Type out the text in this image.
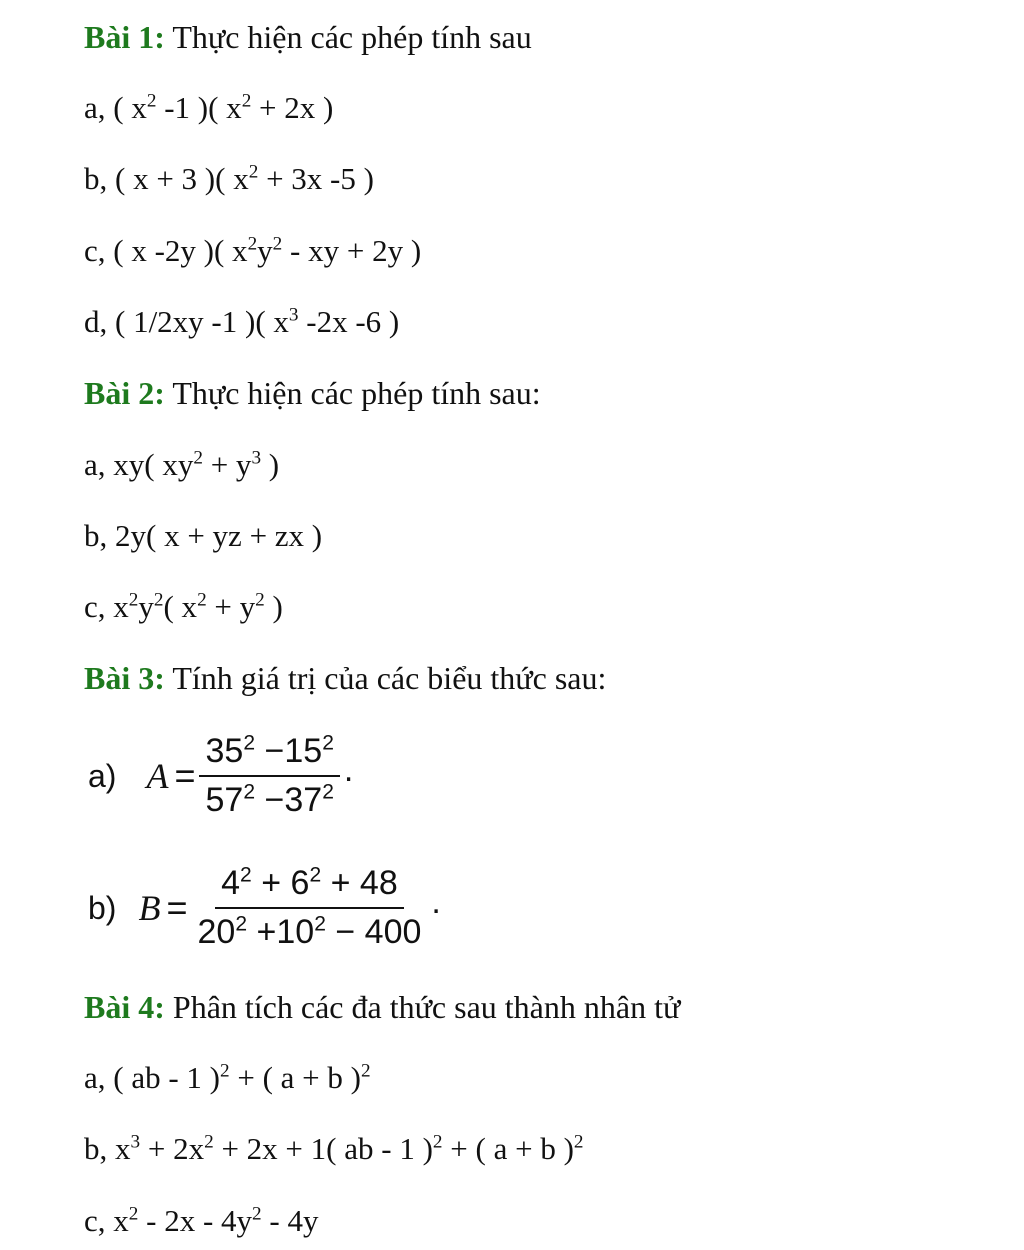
Bài 1: Thực hiện các phép tính sau
a, ( $x^2$ -1 )( $x^2 + 2x$ )
b, ( x + 3 )( $x^2 + 3x$ -5 )
c, ( x -2y )( $x^2y^2$ - xy + 2y )
d, ( 1/2xy -1 )( $x^3$ -2x -6 )
Bài 2: Thực hiện các phép tính sau:
a, xy( $xy^2 + y^3$ )
b, 2y( x + yz + zx )
c, $x^2y^2$( $x^2 + y^2$ )
Bài 3: Tính giá trị của các biểu thức sau:
a) $A = \frac{35^2 -15^2}{57^2 -37^2}$ .
b) $B = \frac{4^2 + 6^2 + 48}{20^2 +10^2 - 400}$ .
Bài 4: Phân tích các đa thức sau thành nhân tử
a, ( ab - 1 )$^2$ + ( a + b )$^2$
b, $x^3 + 2x^2 + 2x + 1$( ab - 1 )$^2$ + ( a + b )$^2$
c, $x^2 - 2x - 4y^2 - 4y$
